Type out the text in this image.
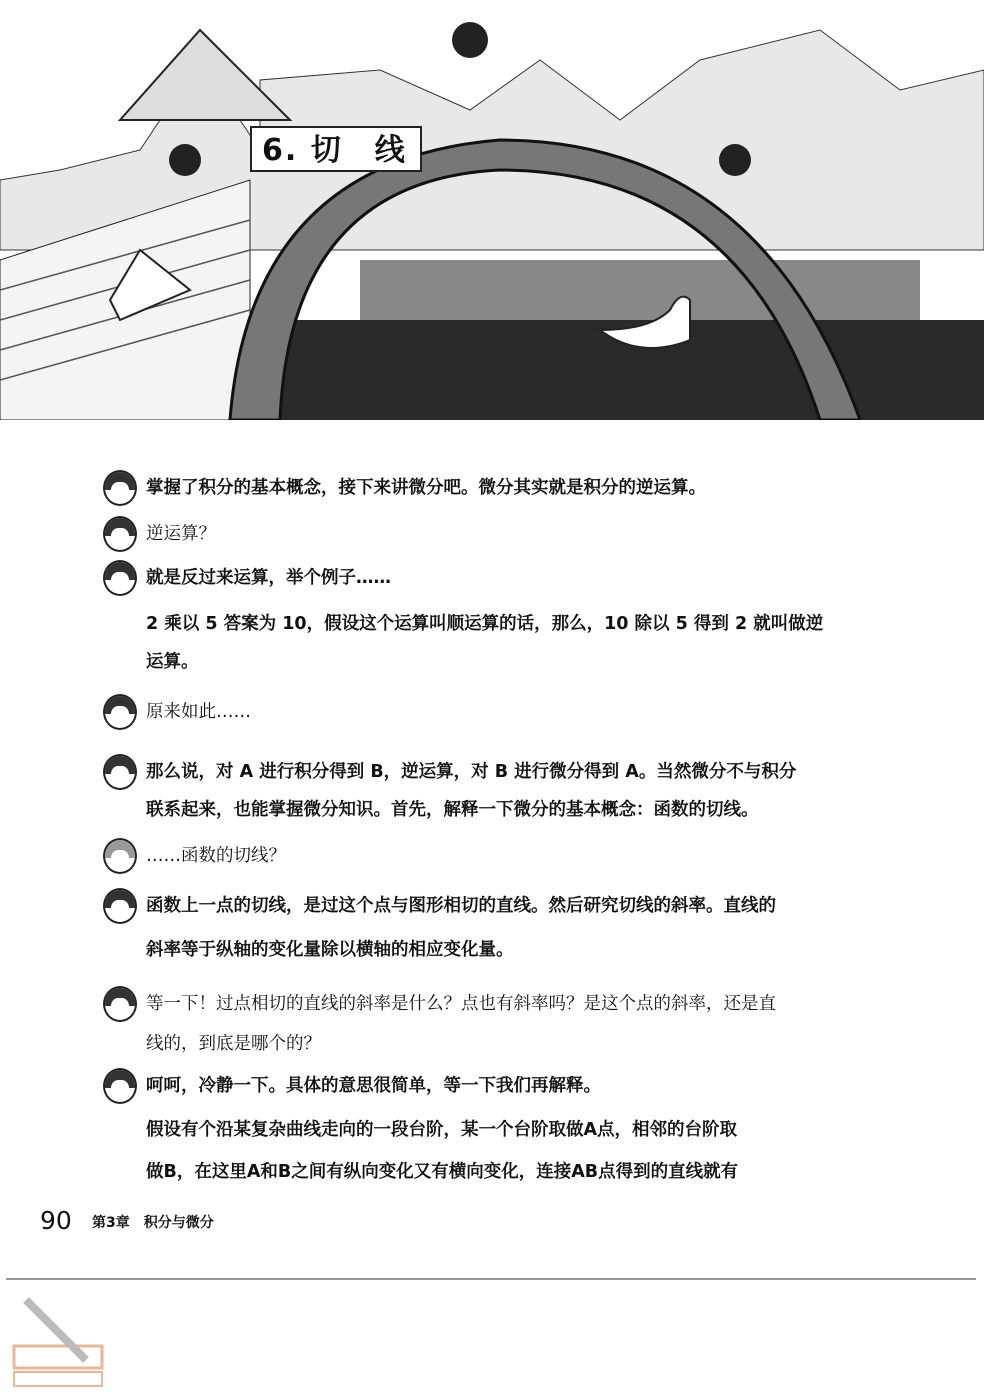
6. 切　线
掌握了积分的基本概念，接下来讲微分吧。微分其实就是积分的逆运算。
逆运算？
就是反过来运算，举个例子……
2 乘以 5 答案为 10，假设这个运算叫顺运算的话，那么，10 除以 5 得到 2 就叫做逆
运算。
原来如此……
那么说，对 A 进行积分得到 B，逆运算，对 B 进行微分得到 A。当然微分不与积分
联系起来，也能掌握微分知识。首先，解释一下微分的基本概念：函数的切线。
……函数的切线？
函数上一点的切线，是过这个点与图形相切的直线。然后研究切线的斜率。直线的
斜率等于纵轴的变化量除以横轴的相应变化量。
等一下！过点相切的直线的斜率是什么？点也有斜率吗？是这个点的斜率，还是直
线的，到底是哪个的？
呵呵，冷静一下。具体的意思很简单，等一下我们再解释。
假设有个沿某复杂曲线走向的一段台阶，某一个台阶取做A点，相邻的台阶取
做B，在这里A和B之间有纵向变化又有横向变化，连接AB点得到的直线就有
90 第3章　积分与微分
